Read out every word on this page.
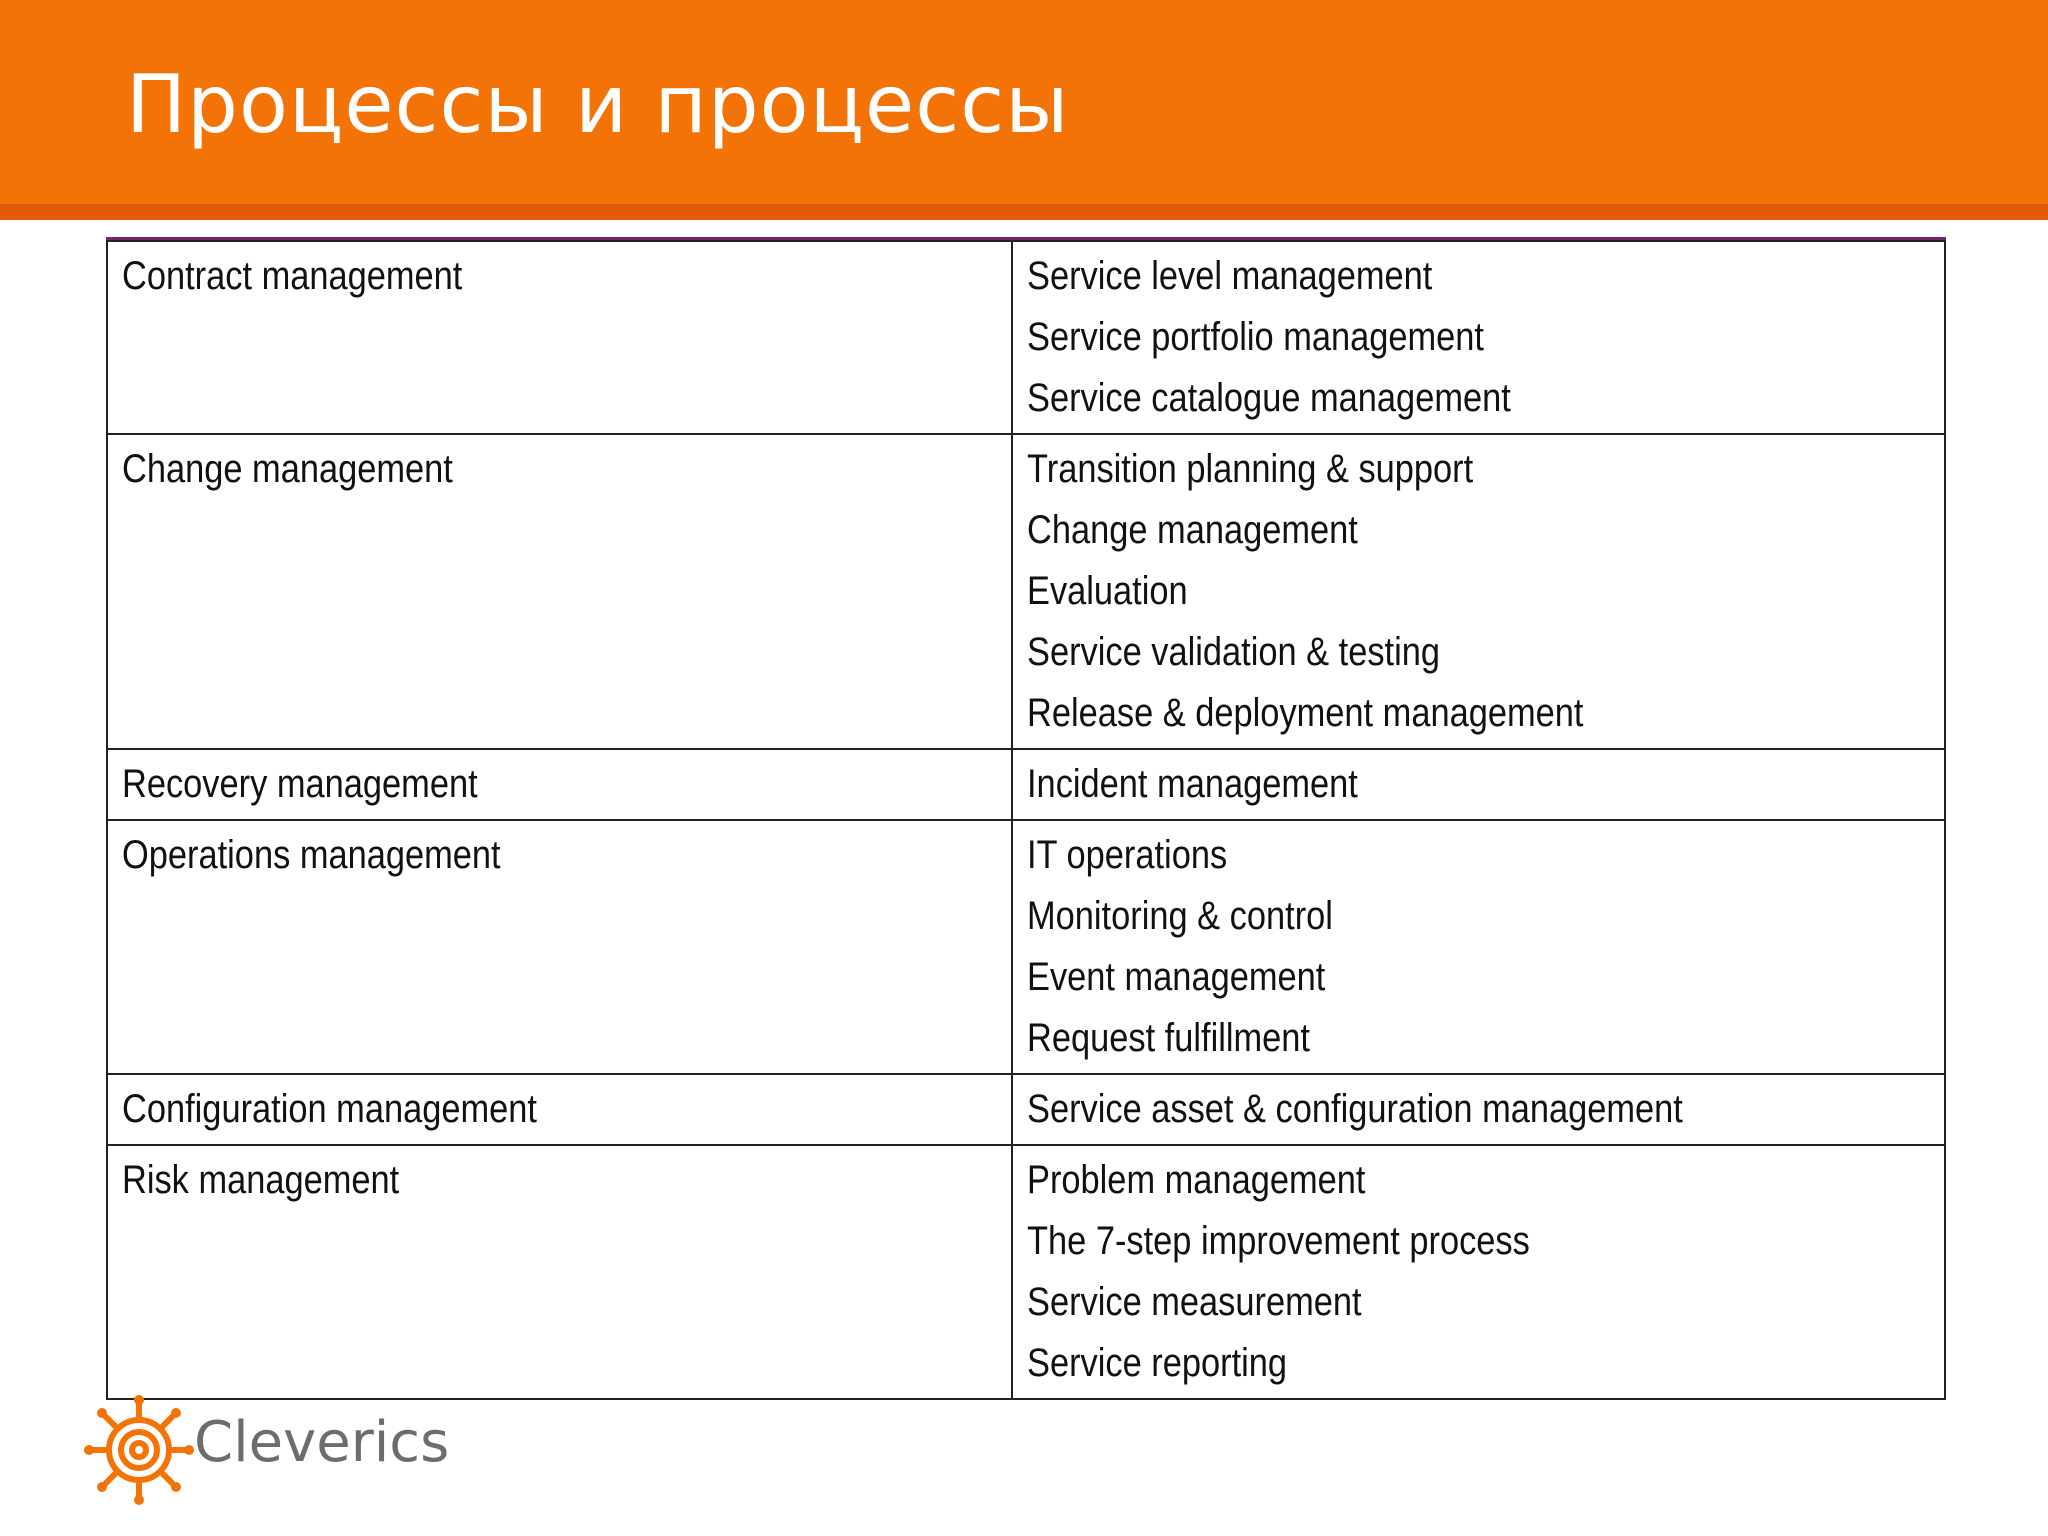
Процессы и процессы
Contract management	Service level management
Service portfolio management
Service catalogue management

Change management	Transition planning & support
Change management
Evaluation
Service validation & testing
Release & deployment management

Recovery management	Incident management

Operations management	IT operations
Monitoring & control
Event management
Request fulfillment

Configuration management	Service asset & configuration management

Risk management	Problem management
The 7-step improvement process
Service measurement
Service reporting
Cleverics
